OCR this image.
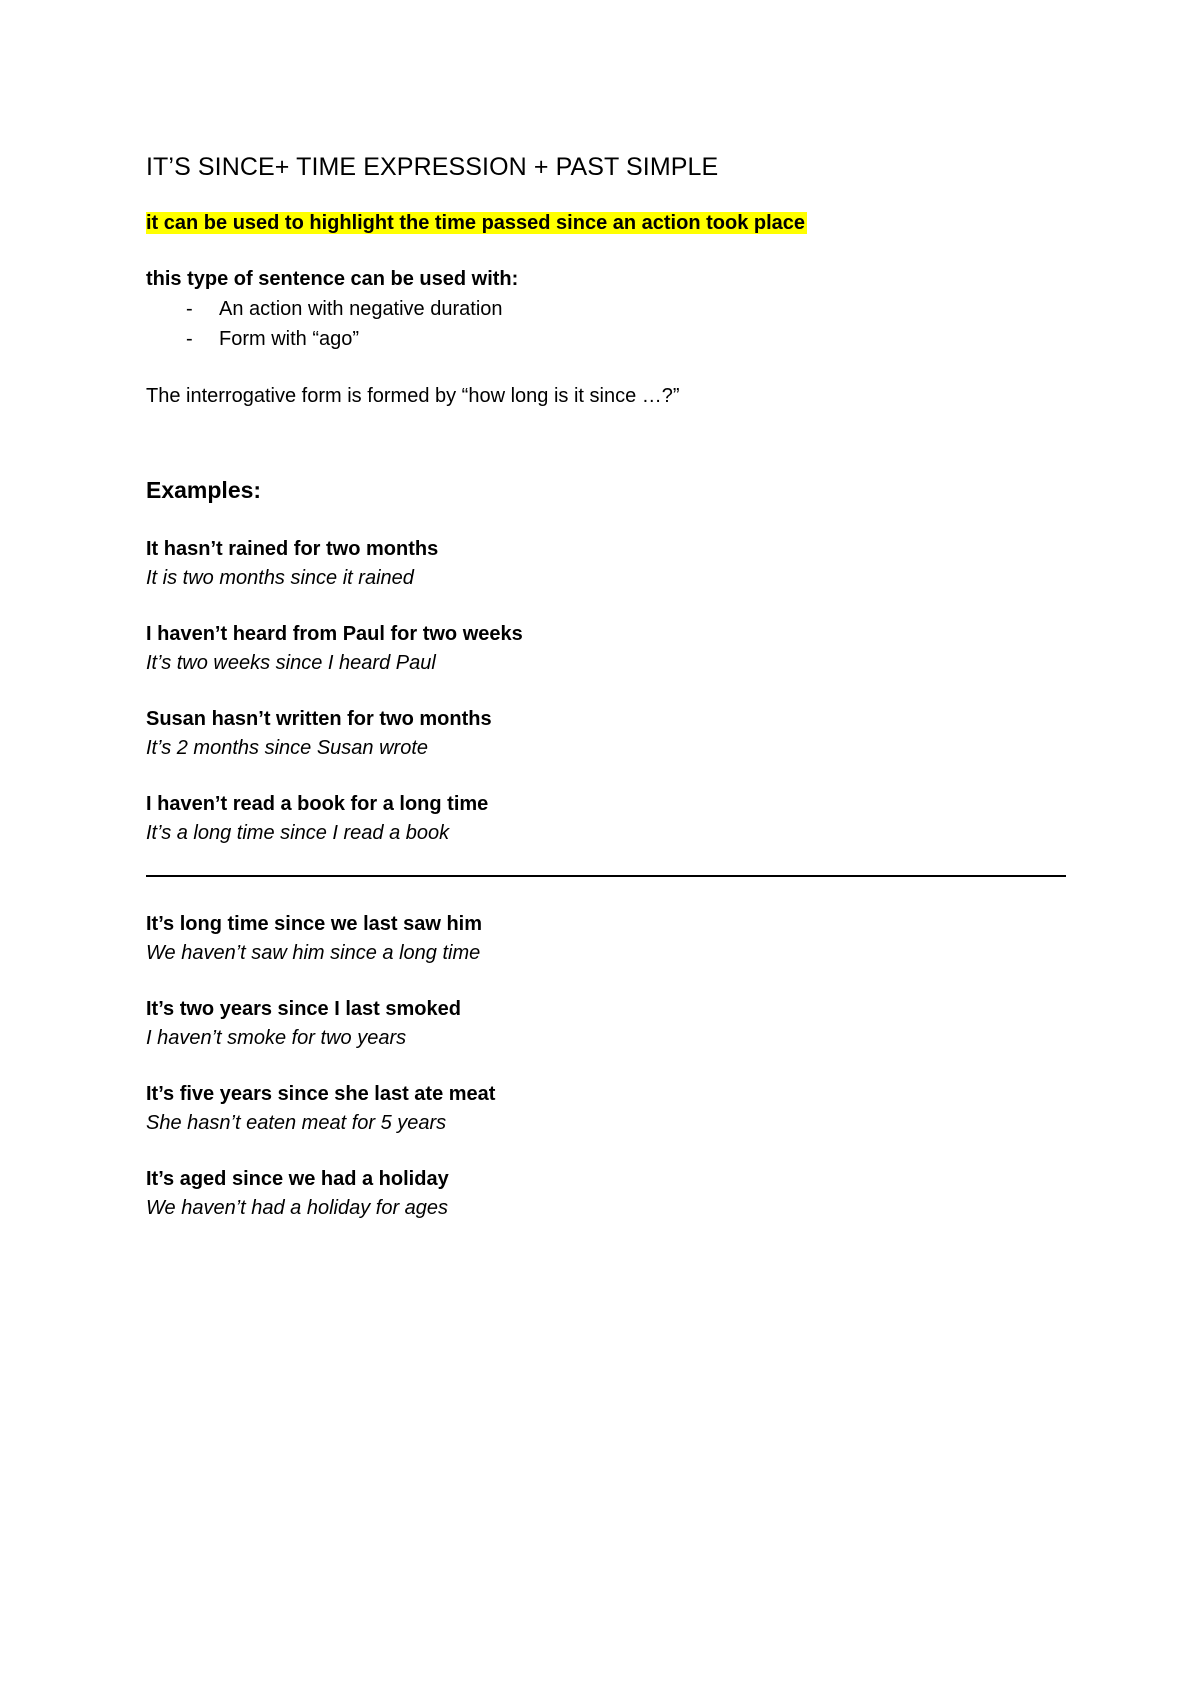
IT’S SINCE+ TIME EXPRESSION + PAST SIMPLE
it can be used to highlight the time passed since an action took place
this type of sentence can be used with:
- An action with negative duration
- Form with “ago”
The interrogative form is formed by “how long is it since …?”
Examples:
It hasn’t rained for two months
It is two months since it rained
I haven’t heard from Paul for two weeks
It’s two weeks since I heard Paul
Susan hasn’t written for two months
It’s 2 months since Susan wrote
I haven’t read a book for a long time
It’s a long time since I read a book
It’s long time since we last saw him
We haven’t saw him since a long time
It’s two years since I last smoked
I haven’t smoke for two years
It’s five years since she last ate meat
She hasn’t eaten meat for 5 years
It’s aged since we had a holiday
We haven’t had a holiday for ages
